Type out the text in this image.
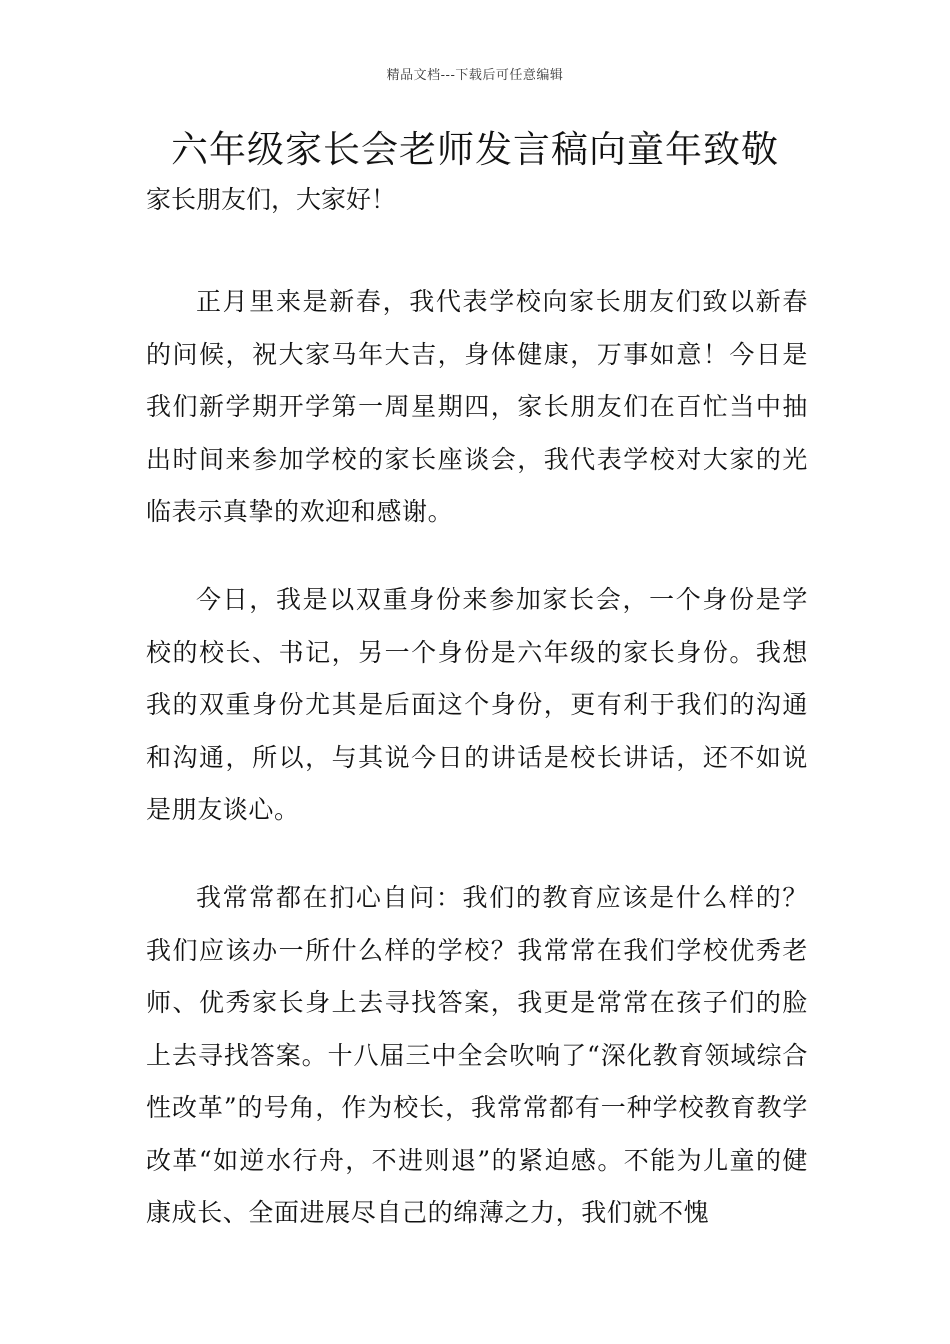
精品文档---下载后可任意编辑
六年级家长会老师发言稿向童年致敬

家长朋友们，大家好！

正月里来是新春，我代表学校向家长朋友们致以新春的问候，祝大家马年大吉，身体健康，万事如意！今日是我们新学期开学第一周星期四，家长朋友们在百忙当中抽出时间来参加学校的家长座谈会，我代表学校对大家的光临表示真挚的欢迎和感谢。

今日，我是以双重身份来参加家长会，一个身份是学校的校长、书记，另一个身份是六年级的家长身份。我想我的双重身份尤其是后面这个身份，更有利于我们的沟通和沟通，所以，与其说今日的讲话是校长讲话，还不如说是朋友谈心。

我常常都在扪心自问：我们的教育应该是什么样的？我们应该办一所什么样的学校？我常常在我们学校优秀老师、优秀家长身上去寻找答案，我更是常常在孩子们的脸上去寻找答案。十八届三中全会吹响了“深化教育领域综合性改革”的号角，作为校长，我常常都有一种学校教育教学改革“如逆水行舟，不进则退”的紧迫感。不能为儿童的健康成长、全面进展尽自己的绵薄之力，我们就不愧
